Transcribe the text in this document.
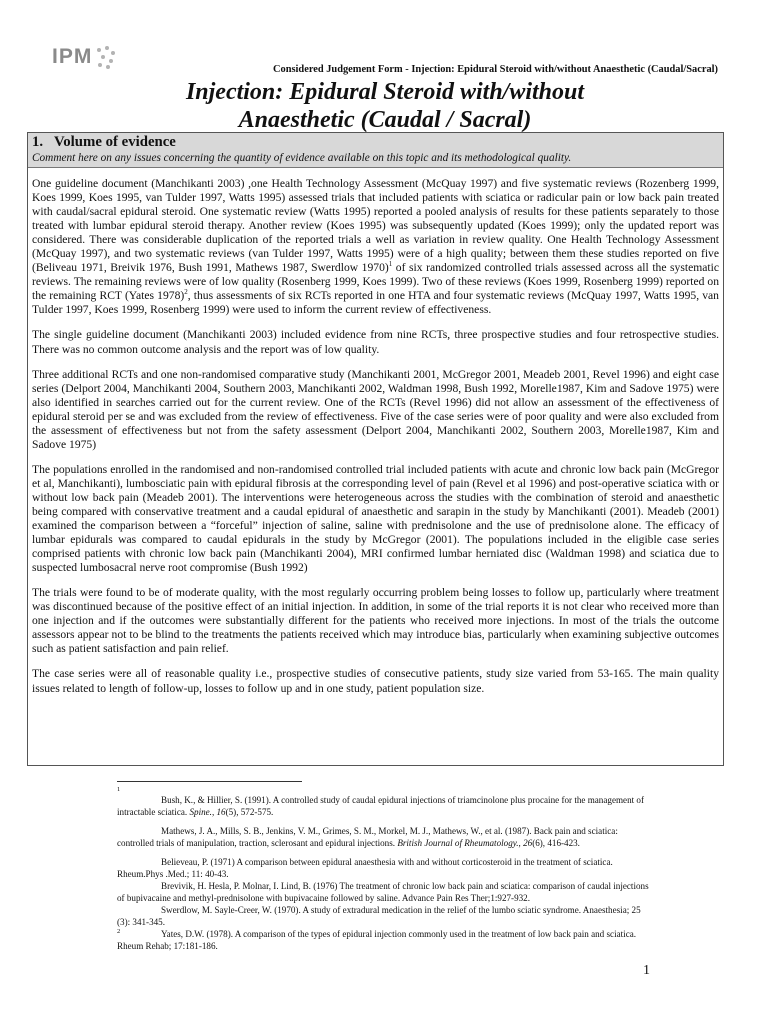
IPM
Considered Judgement Form - Injection: Epidural Steroid with/without Anaesthetic (Caudal/Sacral)
Injection: Epidural Steroid with/without
Anaesthetic (Caudal / Sacral)
1. Volume of evidence
Comment here on any issues concerning the quantity of evidence available on this topic and its methodological quality.

One guideline document (Manchikanti 2003) ,one Health Technology Assessment (McQuay 1997) and five systematic reviews (Rozenberg 1999, Koes 1999, Koes 1995, van Tulder 1997, Watts 1995) assessed trials that included patients with sciatica or radicular pain or low back pain treated with caudal/sacral epidural steroid. One systematic review (Watts 1995) reported a pooled analysis of results for these patients separately to those treated with lumbar epidural steroid therapy. Another review (Koes 1995) was subsequently updated (Koes 1999); only the updated report was considered. There was considerable duplication of the reported trials a well as variation in review quality. One Health Technology Assessment (McQuay 1997), and two systematic reviews (van Tulder 1997, Watts 1995) were of a high quality; between them these studies reported on five (Beliveau 1971, Breivik 1976, Bush 1991, Mathews 1987, Swerdlow 1970)$^1$ of six randomized controlled trials assessed across all the systematic reviews. The remaining reviews were of low quality (Rosenberg 1999, Koes 1999). Two of these reviews (Koes 1999, Rosenberg 1999) reported on the remaining RCT (Yates 1978)$^2$, thus assessments of six RCTs reported in one HTA and four systematic reviews (McQuay 1997, Watts 1995, van Tulder 1997, Koes 1999, Rosenberg 1999) were used to inform the current review of effectiveness.

The single guideline document (Manchikanti 2003) included evidence from nine RCTs, three prospective studies and four retrospective studies. There was no common outcome analysis and the report was of low quality.

Three additional RCTs and one non-randomised comparative study (Manchikanti 2001, McGregor 2001, Meadeb 2001, Revel 1996) and eight case series (Delport 2004, Manchikanti 2004, Southern 2003, Manchikanti 2002, Waldman 1998, Bush 1992, Morelle1987, Kim and Sadove 1975) were also identified in searches carried out for the current review. One of the RCTs (Revel 1996) did not allow an assessment of the effectiveness of epidural steroid per se and was excluded from the review of effectiveness. Five of the case series were of poor quality and were also excluded from the assessment of effectiveness but not from the safety assessment (Delport 2004, Manchikanti 2002, Southern 2003, Morelle1987, Kim and Sadove 1975)

The populations enrolled in the randomised and non-randomised controlled trial included patients with acute and chronic low back pain (McGregor et al, Manchikanti), lumbosciatic pain with epidural fibrosis at the corresponding level of pain (Revel et al 1996) and post-operative sciatica with or without low back pain (Meadeb 2001). The interventions were heterogeneous across the studies with the combination of steroid and anaesthetic being compared with conservative treatment and a caudal epidural of anaesthetic and sarapin in the study by Manchikanti (2001). Meadeb (2001) examined the comparison between a “forceful” injection of saline, saline with prednisolone and the use of prednisolone alone. The efficacy of lumbar epidurals was compared to caudal epidurals in the study by McGregor (2001). The populations included in the eligible case series comprised patients with chronic low back pain (Manchikanti 2004), MRI confirmed lumbar herniated disc (Waldman 1998) and sciatica due to suspected lumbosacral nerve root compromise (Bush 1992)

The trials were found to be of moderate quality, with the most regularly occurring problem being losses to follow up, particularly where treatment was discontinued because of the positive effect of an initial injection. In addition, in some of the trial reports it is not clear who received more than one injection and if the outcomes were substantially different for the patients who received more injections. In most of the trials the outcome assessors appear not to be blind to the treatments the patients received which may introduce bias, particularly when examining subjective outcomes such as patient satisfaction and pain relief.

The case series were all of reasonable quality i.e., prospective studies of consecutive patients, study size varied from 53-165. The main quality issues related to length of follow-up, losses to follow up and in one study, patient population size.

1
Bush, K., & Hillier, S. (1991). A controlled study of caudal epidural injections of triamcinolone plus procaine for the management of intractable sciatica. Spine., 16(5), 572-575.
Mathews, J. A., Mills, S. B., Jenkins, V. M., Grimes, S. M., Morkel, M. J., Mathews, W., et al. (1987). Back pain and sciatica: controlled trials of manipulation, traction, sclerosant and epidural injections. British Journal of Rheumatology., 26(6), 416-423.
Believeau, P. (1971) A comparison between epidural anaesthesia with and without corticosteroid in the treatment of sciatica. Rheum.Phys .Med.; 11: 40-43.
Brevivik, H. Hesla, P. Molnar, I. Lind, B. (1976) The treatment of chronic low back pain and sciatica: comparison of caudal injections of bupivacaine and methyl-prednisolone with bupivacaine followed by saline. Advance Pain Res Ther;1:927-932.
Swerdlow, M. Sayle-Creer, W. (1970). A study of extradural medication in the relief of the lumbo sciatic syndrome. Anaesthesia; 25 (3): 341-345.
2	Yates, D.W. (1978). A comparison of the types of epidural injection commonly used in the treatment of low back pain and sciatica. Rheum Rehab; 17:181-186.
1
